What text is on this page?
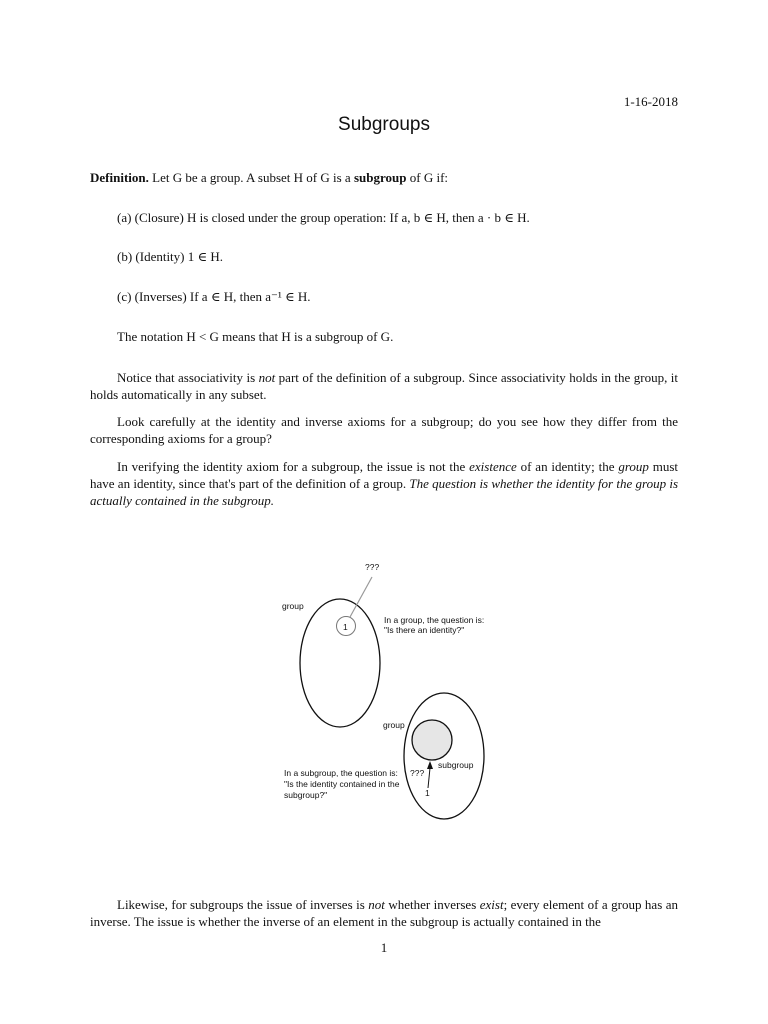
1-16-2018
Subgroups
Definition. Let G be a group. A subset H of G is a subgroup of G if:
(a) (Closure) H is closed under the group operation: If a, b ∈ H, then a · b ∈ H.
(b) (Identity) 1 ∈ H.
(c) (Inverses) If a ∈ H, then a⁻¹ ∈ H.
The notation H < G means that H is a subgroup of G.
Notice that associativity is not part of the definition of a subgroup. Since associativity holds in the group, it holds automatically in any subset.
Look carefully at the identity and inverse axioms for a subgroup; do you see how they differ from the corresponding axioms for a group?
In verifying the identity axiom for a subgroup, the issue is not the existence of an identity; the group must have an identity, since that's part of the definition of a group. The question is whether the identity for the group is actually contained in the subgroup.
???
group
1
In a group, the question is:
"Is there an identity?"
group
subgroup
???
1
In a subgroup, the question is:
"Is the identity contained in the
subgroup?"
Likewise, for subgroups the issue of inverses is not whether inverses exist; every element of a group has an inverse. The issue is whether the inverse of an element in the subgroup is actually contained in the
1
